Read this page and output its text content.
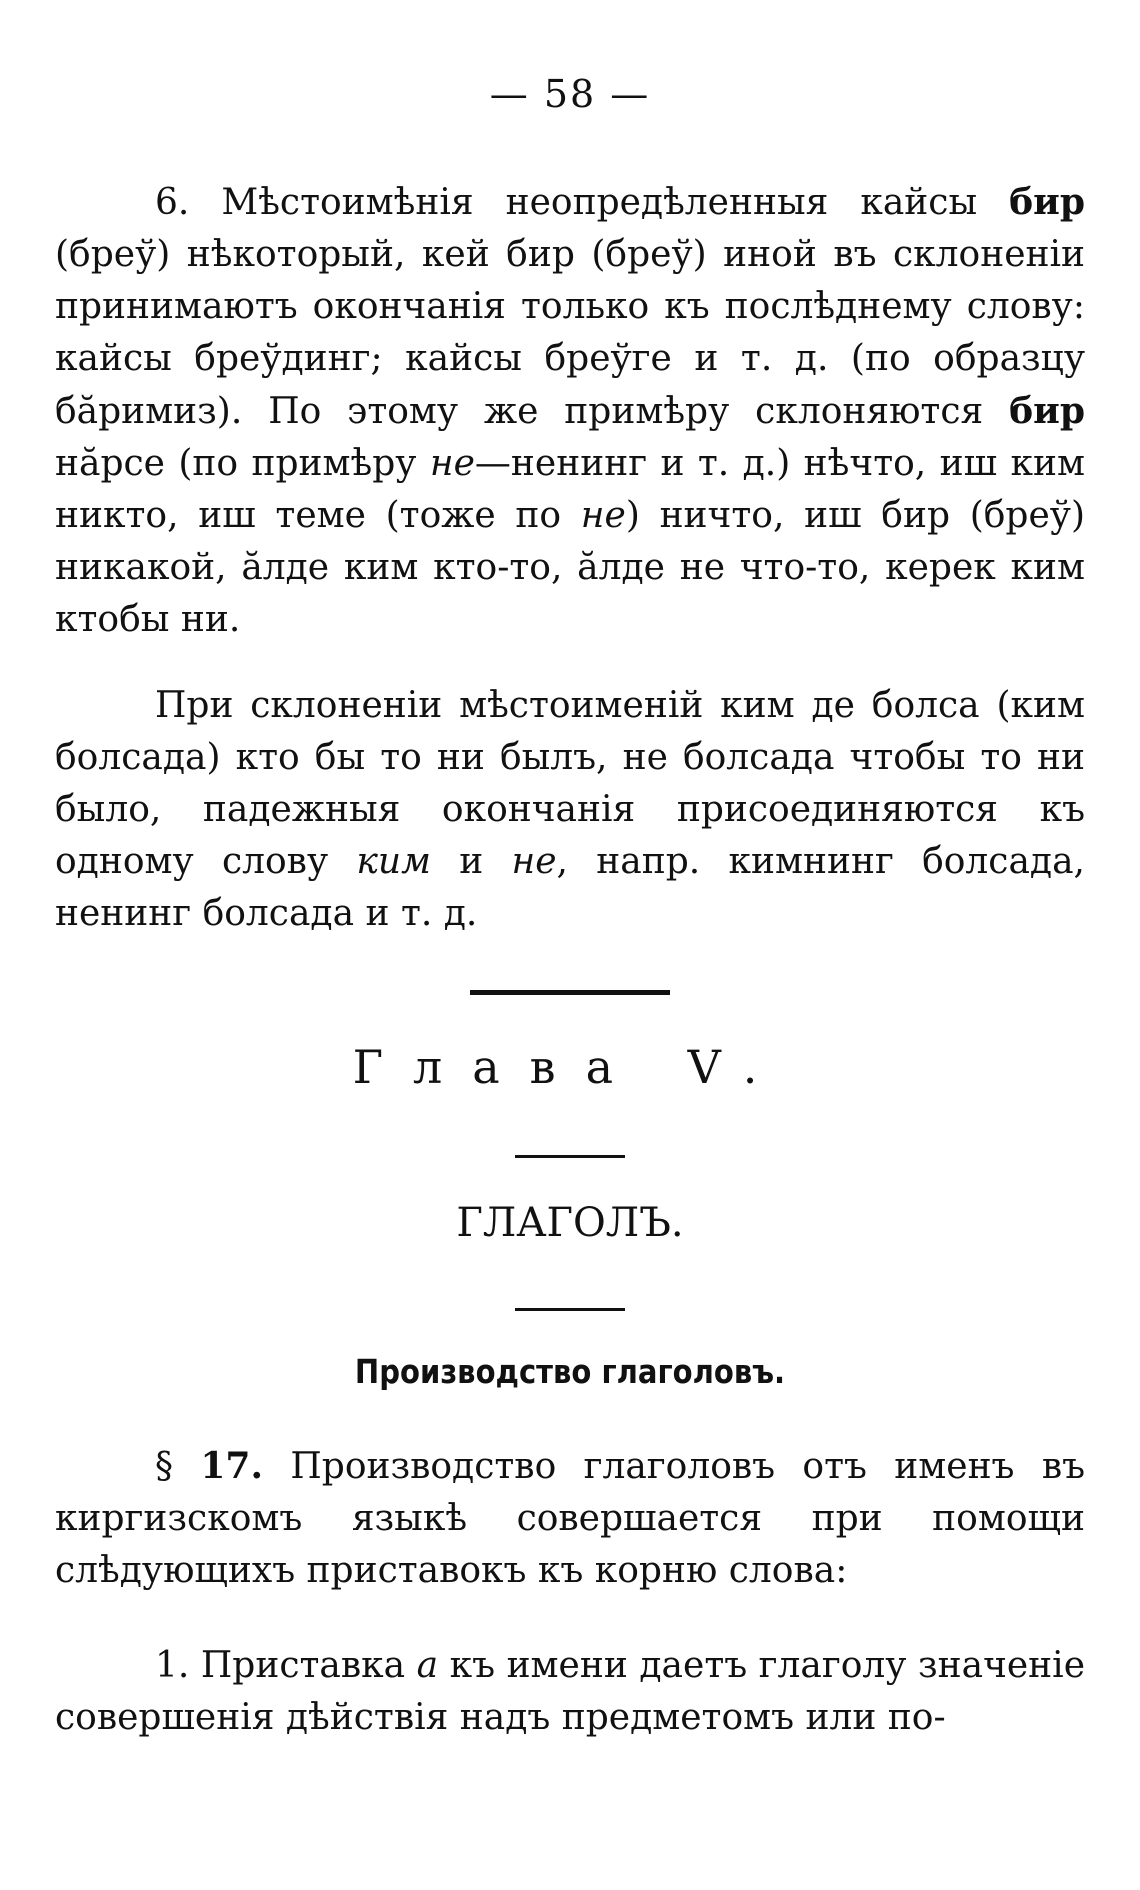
— 58 —

6. Мѣстоимѣнія неопредѣленныя кайсы бир (бреў) нѣкоторый, кей бир (бреў) иной въ склоненіи принимаютъ окончанія только къ послѣднему слову: кайсы бреўдинг; кайсы бреўге и т. д. (по образцу бăримиз). По этому же примѣру склоняются бир нăрсе (по примѣру не—ненинг и т. д.) нѣчто, иш ким никто, иш теме (тоже по не) ничто, иш бир (бреў) никакой, ăлде ким кто-то, ăлде не что-то, керек ким ктобы ни.

При склоненіи мѣстоименій ким де болса (ким болсада) кто бы то ни былъ, не болсада чтобы то ни было, падежныя окончанія присоединяются къ одному слову ким и не, напр. кимнинг болсада, ненинг болсада и т. д.

Глава V.
ГЛАГОЛЪ.
Производство глаголовъ.

§ 17. Производство глаголовъ отъ именъ въ киргизскомъ языкѣ совершается при помощи слѣдующихъ приставокъ къ корню слова:

1. Приставка а къ имени даетъ глаголу значеніе совершенія дѣйствія надъ предметомъ или по-
